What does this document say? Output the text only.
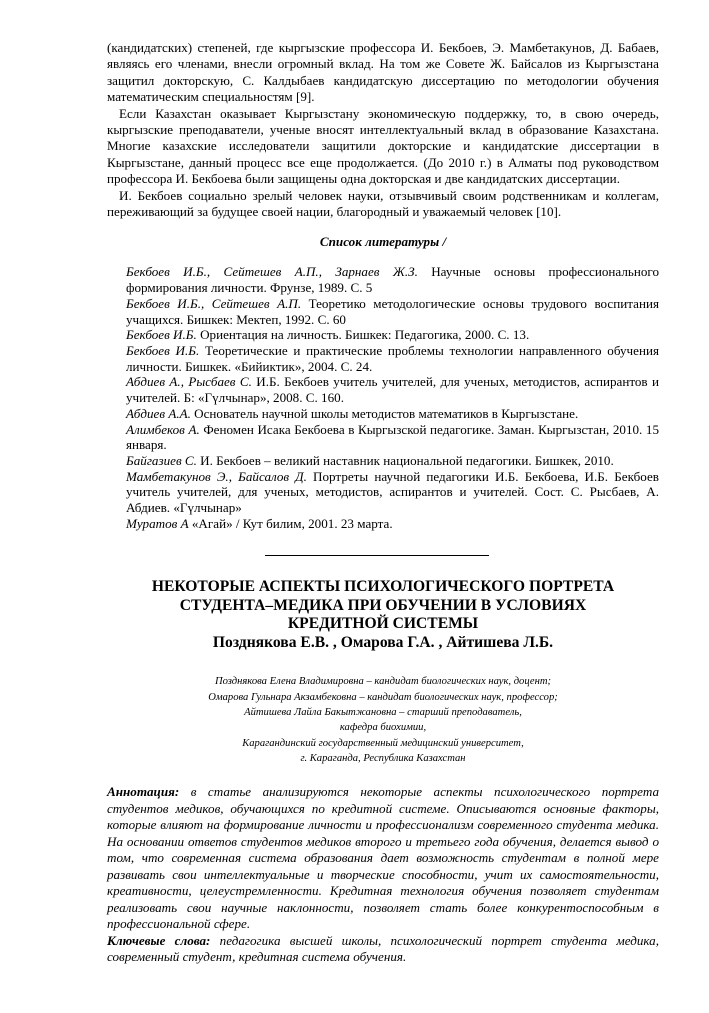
(кандидатских) степеней, где кыргызские профессора И. Бекбоев, Э. Мамбетакунов, Д. Бабаев, являясь его членами, внесли огромный вклад. На том же Совете Ж. Байсалов из Кыргызстана защитил докторскую, С. Калдыбаев кандидатскую диссертацию по методологии обучения математическим специальностям [9].

Если Казахстан оказывает Кыргызстану экономическую поддержку, то, в свою очередь, кыргызские преподаватели, ученые вносят интеллектуальный вклад в образование Казахстана. Многие казахские исследователи защитили докторские и кандидатские диссертации в Кыргызстане, данный процесс все еще продолжается. (До 2010 г.) в Алматы под руководством профессора И. Бекбоева были защищены одна докторская и две кандидатских диссертации.

И. Бекбоев социально зрелый человек науки, отзывчивый своим родственникам и коллегам, переживающий за будущее своей нации, благородный и уважаемый человек [10].

Список литературы /
Бекбоев И.Б., Сейтешев А.П., Зарнаев Ж.З. Научные основы профессионального формирования личности. Фрунзе, 1989. С. 5
Бекбоев И.Б., Сейтешев А.П. Теоретико методологические основы трудового воспитания учащихся. Бишкек: Мектеп, 1992. С. 60
Бекбоев И.Б. Ориентация на личность. Бишкек: Педагогика, 2000. С. 13.
Бекбоев И.Б. Теоретические и практические проблемы технологии направленного обучения личности. Бишкек. «Бийиктик», 2004. С. 24.
Абдиев А., Рысбаев С. И.Б. Бекбоев учитель учителей, для ученых, методистов, аспирантов и учителей. Б: «Гүлчынар», 2008. С. 160.
Абдиев А.А. Основатель научной школы методистов математиков в Кыргызстане.
Алимбеков А. Феномен Исака Бекбоева в Кыргызской педагогике. Заман. Кыргызстан, 2010. 15 января.
Байгазиев С. И. Бекбоев – великий наставник национальной педагогики. Бишкек, 2010.
Мамбетакунов Э., Байсалов Д. Портреты научной педагогики И.Б. Бекбоева, И.Б. Бекбоев учитель учителей, для ученых, методистов, аспирантов и учителей. Сост. С. Рысбаев, А. Абдиев. «Гүлчынар»
Муратов А «Агай» / Кут билим, 2001. 23 марта.
НЕКОТОРЫЕ АСПЕКТЫ ПСИХОЛОГИЧЕСКОГО ПОРТРЕТА
СТУДЕНТА–МЕДИКА ПРИ ОБУЧЕНИИ В УСЛОВИЯХ
КРЕДИТНОЙ СИСТЕМЫ
Позднякова Е.В. , Омарова Г.А. , Айтишева Л.Б.
Позднякова Елена Владимировна – кандидат биологических наук, доцент;
Омарова Гульнара Акзамбековна – кандидат биологических наук, профессор;
Айтишева Лайла Бакытжановна – старший преподаватель,
кафедра биохимии,
Карагандинский государственный медицинский университет,
г. Караганда, Республика Казахстан

Аннотация: в статье анализируются некоторые аспекты психологического портрета студентов медиков, обучающихся по кредитной системе. Описываются основные факторы, которые влияют на формирование личности и профессионализм современного студента медика. На основании ответов студентов медиков второго и третьего года обучения, делается вывод о том, что современная система образования дает возможность студентам в полной мере развивать свои интеллектуальные и творческие способности, учит их самостоятельности, креативности, целеустремленности. Кредитная технология обучения позволяет студентам реализовать свои научные наклонности, позволяет стать более конкурентоспособным в профессиональной сфере.

Ключевые слова: педагогика высшей школы, психологический портрет студента медика, современный студент, кредитная система обучения.
